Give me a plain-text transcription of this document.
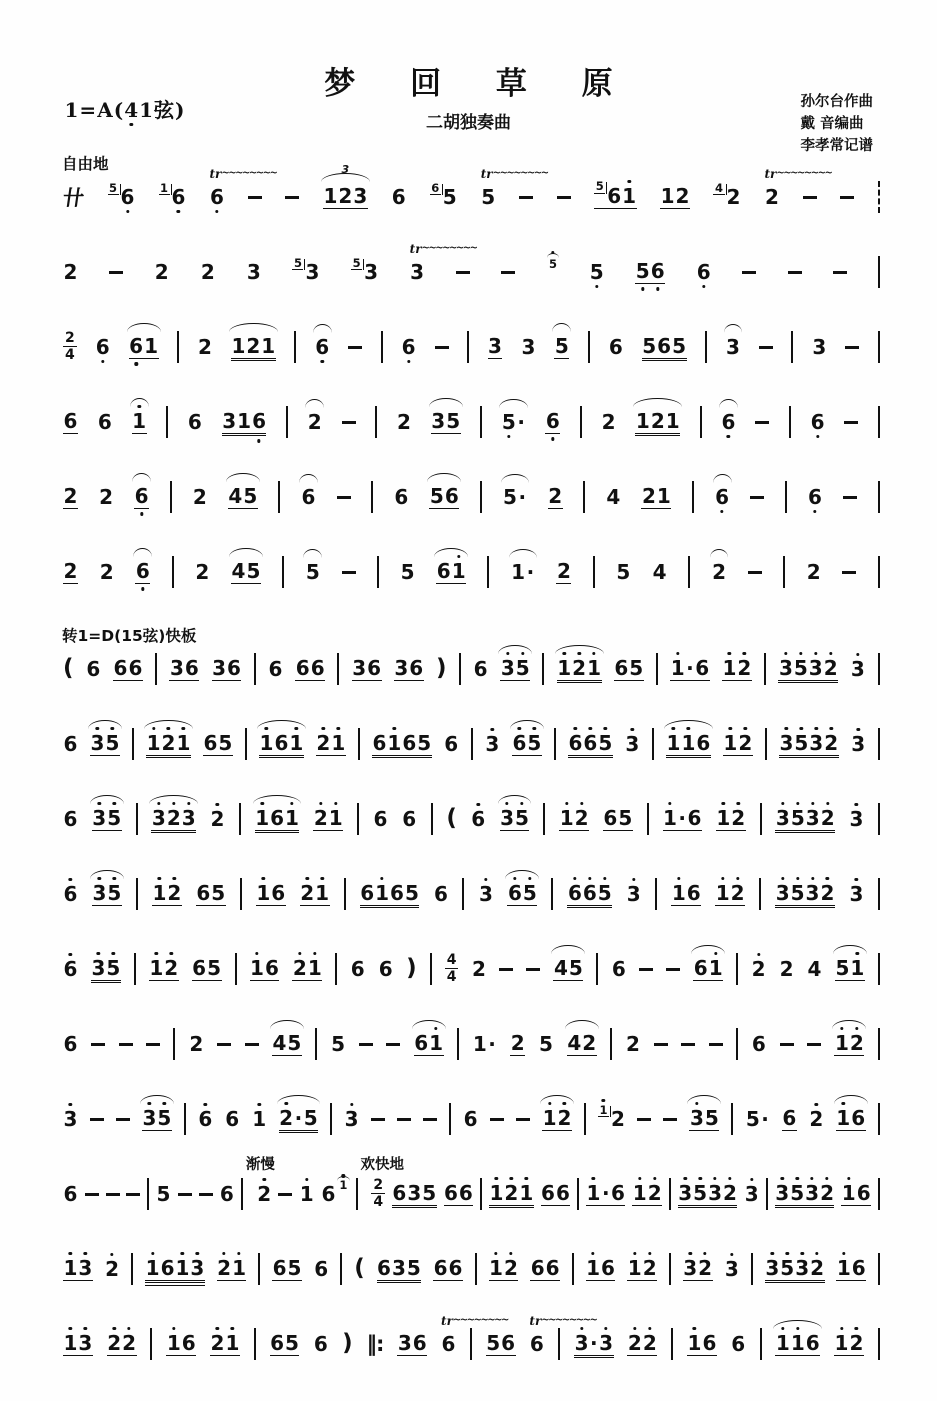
梦 回 草 原
二胡独奏曲
孙尔台作曲
戴 音编曲
李孝常记谱
1 = A ( 4 1 弦 )
自由地
卄 5 6 1 6 6
tr~~~~~~~~
1 2 3
3 6 6 5 5
tr~~~~~~~~
5 6 1 1 2 4 2 2
tr~~~~~~~~
2	2 2 3	5 3	5 3 3
tr~~~~~~~~
5 5 5 6 6
2
4 6 6 1 2 1 2 1 6	6	3 3 5 6 5 6 5 3	3
6 6 1 6 3 1 6 2	2 3 5 5 · 6 2 1 2 1 6	6
2 2 6 2 4 5 6	6 5 6 5 · 2 4 2 1 6	6
2 2 6 2 4 5 5	5 6 1 1 · 2 5 4 2	2
转1=D(15弦)快板
( 6 6 6 3 6 3 6 6 6 6 3 6 3 6 ) 6 3 5 1 2 1 6 5 1 · 6 1 2 3 5 3 2 3
6 3 5 1 2 1 6 5 1 6 1 2 1 6 1 6 5 6 3 6 5 6 6 5 3 1 1 6 1 2 3 5 3 2 3
6 3 5 3 2 3 2 1 6 1 2 1 6 6 ( 6 3 5 1 2 6 5 1 · 6 1 2 3 5 3 2 3
6 3 5 1 2 6 5 1 6 2 1 6 1 6 5 6 3 6 5 6 6 5 3 1 6 1 2 3 5 3 2 3
6 3 5 1 2 6 5 1 6 2 1 6 6 ) 4
4 2	4 5 6	6 1 2 2 4 5 1
6	2	4 5 5	6 1 1 · 2 5 4 2 2	6	1 2
3	3 5 6 6 1 2 · 5 3	6	1 2 1 2	3 5 5 · 6 2 1 6
6	5 6
渐慢
2 1 6 1
欢快地
2
4 6 3 5 6 6 1 2 1 6 6 1 · 6 1 2 3 5 3 2 3 3 5 3 2 1 6
1 3 2 1 6 1 3 2 1 6 5 6 ( 6 3 5 6 6 1 2 6 6 1 6 1 2 3 2 3 3 5 3 2 1 6
1 3 2 2 1 6 2 1 6 5 6 ) ‖: 3 6 6
tr~~~~~~~~
5 6 6
tr~~~~~~~~
3 · 3 2 2 1 6 6 1 1 6 1 2
